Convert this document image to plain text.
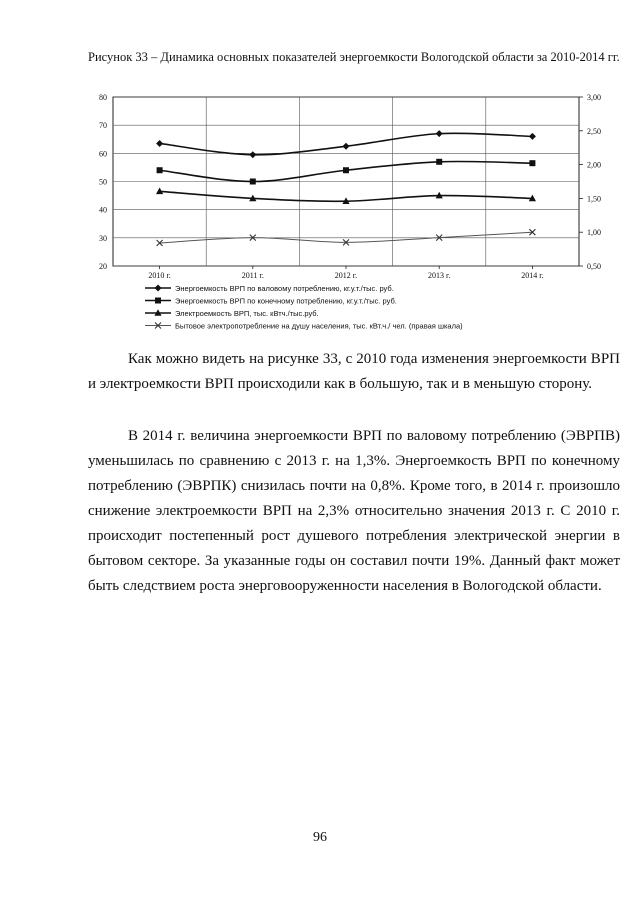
Рисунок 33 – Динамика основных показателей энергоемкости Вологодской области за 2010-2014 гг.
20
30
40
50
60
70
80
0,50
1,00
1,50
2,00
2,50
3,00
2010 г.	2011 г.	2012 г.	2013 г.	2014 г.
Энергоемкость ВРП по валовому потреблению, кг.у.т./тыс. руб.
Энергоемкость ВРП по конечному потреблению, кг.у.т./тыс. руб.
Электроемкость ВРП, тыс. кВтч./тыс.руб.
Бытовое электропотребление на душу населения, тыс. кВт.ч./ чел. (правая шкала)

Как можно видеть на рисунке 33, с 2010 года изменения энергоемкости ВРП и электроемкости ВРП происходили как в большую, так и в меньшую сторону.

В 2014 г. величина энергоемкости ВРП по валовому потреблению (ЭВРПВ) уменьшилась по сравнению с 2013 г. на 1,3%. Энергоемкость ВРП по конечному потреблению (ЭВРПК) снизилась почти на 0,8%. Кроме того, в 2014 г. произошло снижение электроемкости ВРП на 2,3% относительно значения 2013 г. С 2010 г. происходит постепенный рост душевого потребления электрической энергии в бытовом секторе. За указанные годы он составил почти 19%. Данный факт может быть следствием роста энерговооруженности населения в Вологодской области.

96
